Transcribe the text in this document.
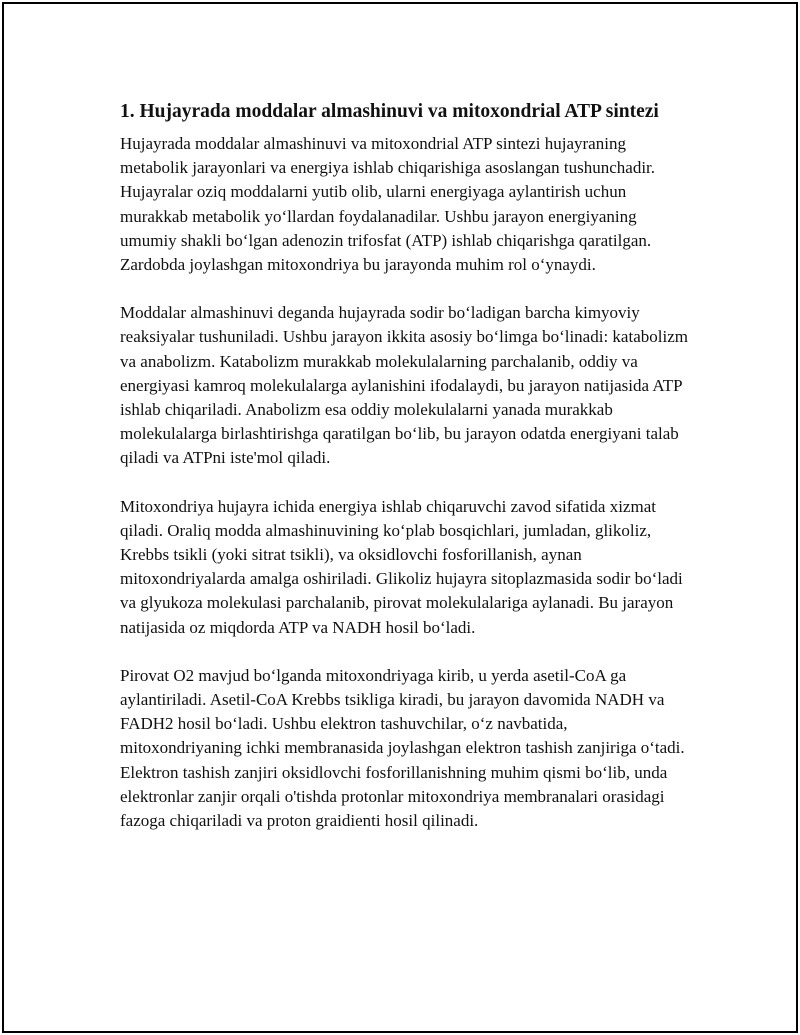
1. Hujayrada moddalar almashinuvi va mitoxondrial ATP sintezi

Hujayrada moddalar almashinuvi va mitoxondrial ATP sintezi hujayraning metabolik jarayonlari va energiya ishlab chiqarishiga asoslangan tushunchadir. Hujayralar oziq moddalarni yutib olib, ularni energiyaga aylantirish uchun murakkab metabolik yo‘llardan foydalanadilar. Ushbu jarayon energiyaning umumiy shakli bo‘lgan adenozin trifosfat (ATP) ishlab chiqarishga qaratilgan. Zardobda joylashgan mitoxondriya bu jarayonda muhim rol o‘ynaydi.

Moddalar almashinuvi deganda hujayrada sodir bo‘ladigan barcha kimyoviy reaksiyalar tushuniladi. Ushbu jarayon ikkita asosiy bo‘limga bo‘linadi: katabolizm va anabolizm. Katabolizm murakkab molekulalarning parchalanib, oddiy va energiyasi kamroq molekulalarga aylanishini ifodalaydi, bu jarayon natijasida ATP ishlab chiqariladi. Anabolizm esa oddiy molekulalarni yanada murakkab molekulalarga birlashtirishga qaratilgan bo‘lib, bu jarayon odatda energiyani talab qiladi va ATPni iste'mol qiladi.

Mitoxondriya hujayra ichida energiya ishlab chiqaruvchi zavod sifatida xizmat qiladi. Oraliq modda almashinuvining ko‘plab bosqichlari, jumladan, glikoliz, Krebbs tsikli (yoki sitrat tsikli), va oksidlovchi fosforillanish, aynan mitoxondriyalarda amalga oshiriladi. Glikoliz hujayra sitoplazmasida sodir bo‘ladi va glyukoza molekulasi parchalanib, pirovat molekulalariga aylanadi. Bu jarayon natijasida oz miqdorda ATP va NADH hosil bo‘ladi.

Pirovat O2 mavjud bo‘lganda mitoxondriyaga kirib, u yerda asetil-CoA ga aylantiriladi. Asetil-CoA Krebbs tsikliga kiradi, bu jarayon davomida NADH va FADH2 hosil bo‘ladi. Ushbu elektron tashuvchilar, o‘z navbatida, mitoxondriyaning ichki membranasida joylashgan elektron tashish zanjiriga o‘tadi. Elektron tashish zanjiri oksidlovchi fosforillanishning muhim qismi bo‘lib, unda elektronlar zanjir orqali o'tishda protonlar mitoxondriya membranalari orasidagi fazoga chiqariladi va proton graidienti hosil qilinadi.
